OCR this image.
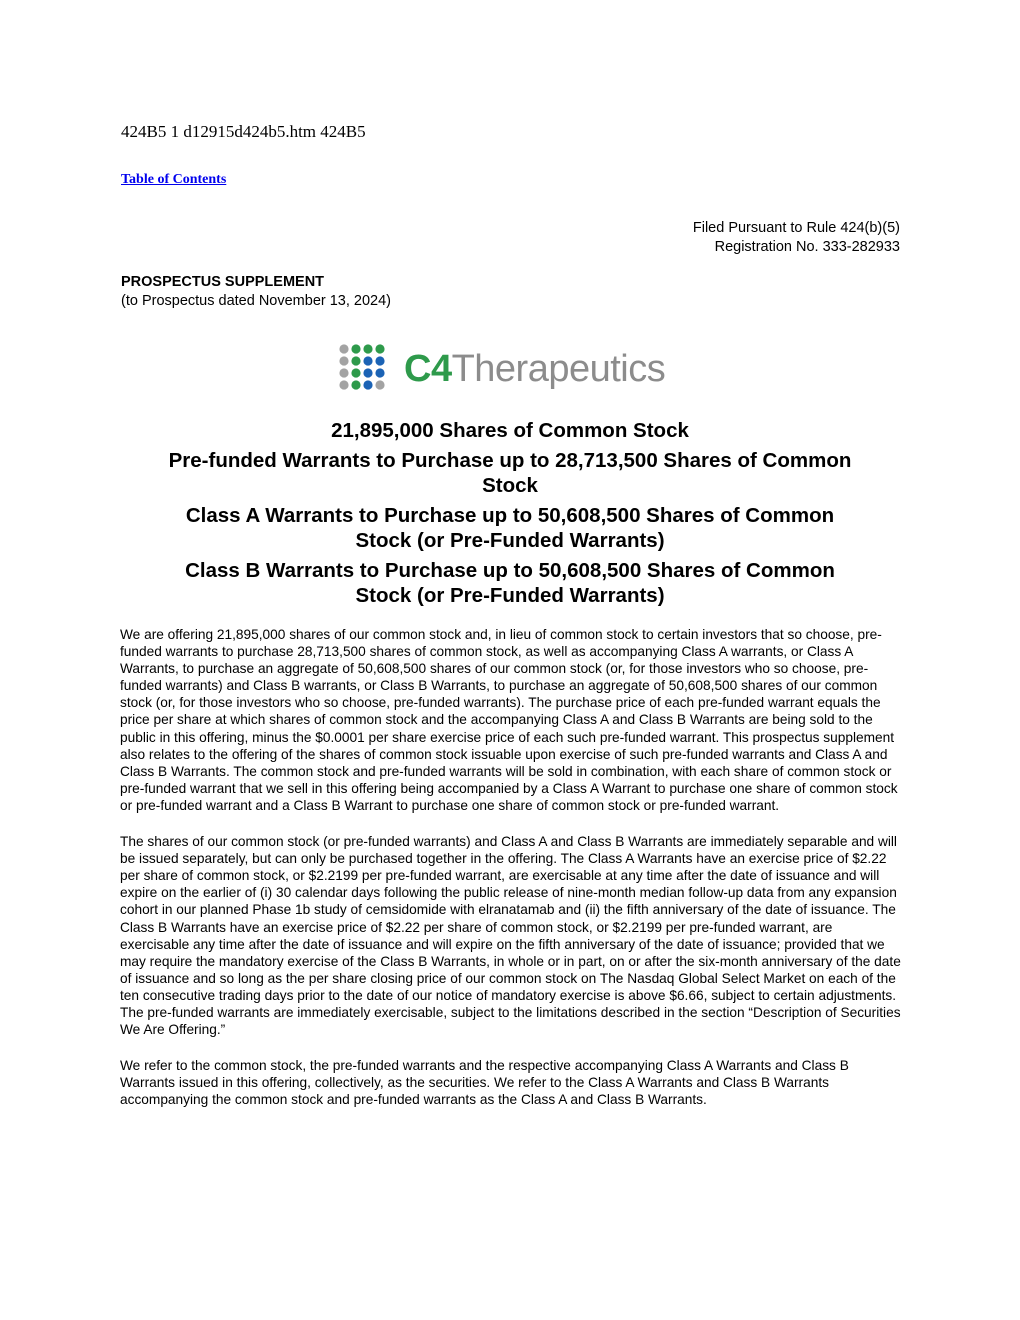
424B5 1 d12915d424b5.htm 424B5
Table of Contents
Filed Pursuant to Rule 424(b)(5)
Registration No. 333-282933
PROSPECTUS SUPPLEMENT
(to Prospectus dated November 13, 2024)
C4Therapeutics
21,895,000 Shares of Common Stock
Pre-funded Warrants to Purchase up to 28,713,500 Shares of Common Stock
Class A Warrants to Purchase up to 50,608,500 Shares of Common Stock (or Pre-Funded Warrants)
Class B Warrants to Purchase up to 50,608,500 Shares of Common Stock (or Pre-Funded Warrants)

We are offering 21,895,000 shares of our common stock and, in lieu of common stock to certain investors that so choose, pre-funded warrants to purchase 28,713,500 shares of common stock, as well as accompanying Class A warrants, or Class A Warrants, to purchase an aggregate of 50,608,500 shares of our common stock (or, for those investors who so choose, pre-funded warrants) and Class B warrants, or Class B Warrants, to purchase an aggregate of 50,608,500 shares of our common stock (or, for those investors who so choose, pre-funded warrants). The purchase price of each pre-funded warrant equals the price per share at which shares of common stock and the accompanying Class A and Class B Warrants are being sold to the public in this offering, minus the $0.0001 per share exercise price of each such pre-funded warrant. This prospectus supplement also relates to the offering of the shares of common stock issuable upon exercise of such pre-funded warrants and Class A and Class B Warrants. The common stock and pre-funded warrants will be sold in combination, with each share of common stock or pre-funded warrant that we sell in this offering being accompanied by a Class A Warrant to purchase one share of common stock or pre-funded warrant and a Class B Warrant to purchase one share of common stock or pre-funded warrant.

The shares of our common stock (or pre-funded warrants) and Class A and Class B Warrants are immediately separable and will be issued separately, but can only be purchased together in the offering. The Class A Warrants have an exercise price of $2.22 per share of common stock, or $2.2199 per pre-funded warrant, are exercisable at any time after the date of issuance and will expire on the earlier of (i) 30 calendar days following the public release of nine-month median follow-up data from any expansion cohort in our planned Phase 1b study of cemsidomide with elranatamab and (ii) the fifth anniversary of the date of issuance. The Class B Warrants have an exercise price of $2.22 per share of common stock, or $2.2199 per pre-funded warrant, are exercisable any time after the date of issuance and will expire on the fifth anniversary of the date of issuance; provided that we may require the mandatory exercise of the Class B Warrants, in whole or in part, on or after the six-month anniversary of the date of issuance and so long as the per share closing price of our common stock on The Nasdaq Global Select Market on each of the ten consecutive trading days prior to the date of our notice of mandatory exercise is above $6.66, subject to certain adjustments. The pre-funded warrants are immediately exercisable, subject to the limitations described in the section “Description of Securities We Are Offering.”

We refer to the common stock, the pre-funded warrants and the respective accompanying Class A Warrants and Class B Warrants issued in this offering, collectively, as the securities. We refer to the Class A Warrants and Class B Warrants accompanying the common stock and pre-funded warrants as the Class A and Class B Warrants.
